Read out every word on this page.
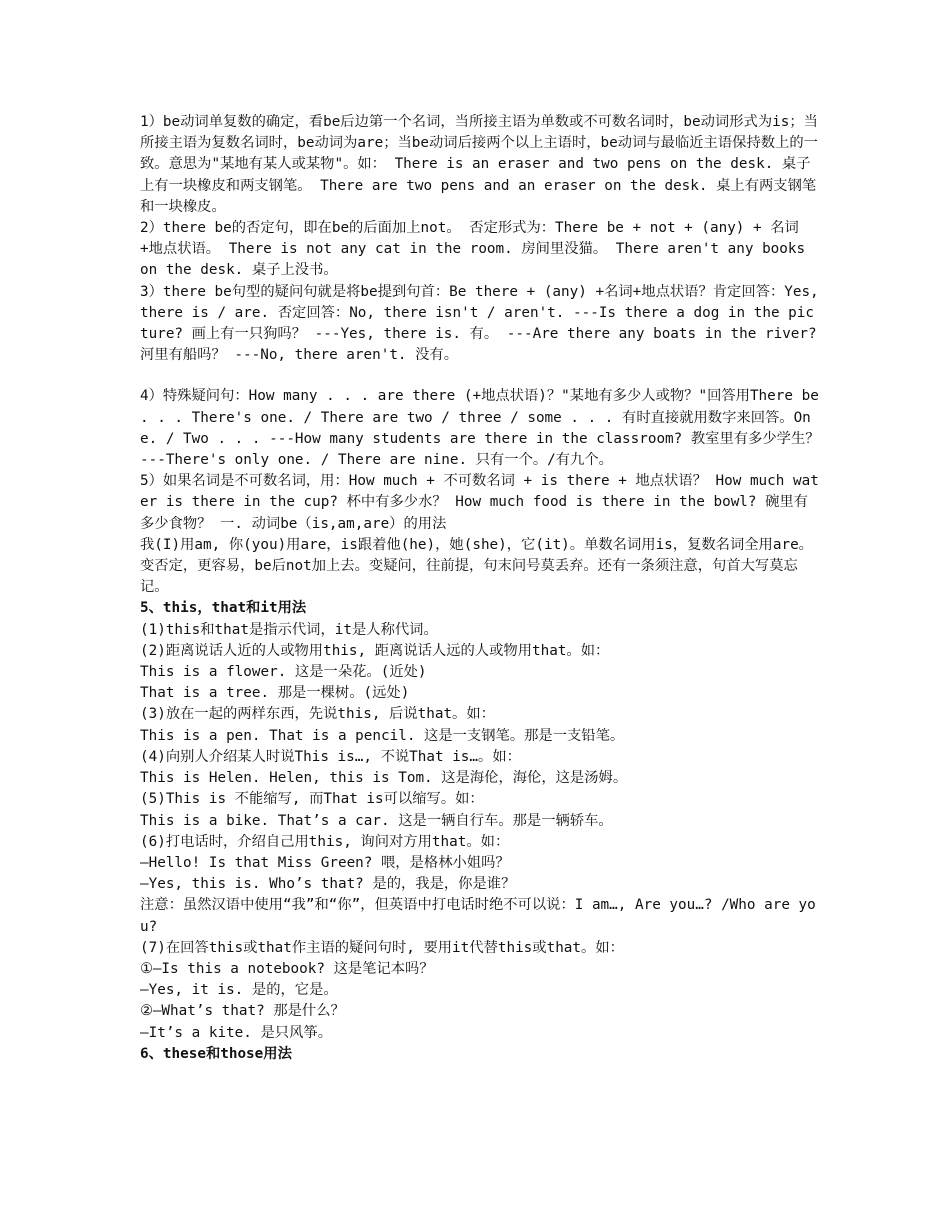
1）be动词单复数的确定，看be后边第一个名词，当所接主语为单数或不可数名词时，be动词形式为is；当所接主语为复数名词时，be动词为are；当be动词后接两个以上主语时，be动词与最临近主语保持数上的一致。意思为"某地有某人或某物"。如： There is an eraser and two pens on the desk. 桌子上有一块橡皮和两支钢笔。 There are two pens and an eraser on the desk. 桌上有两支钢笔和一块橡皮。

2）there be的否定句，即在be的后面加上not。 否定形式为：There be + not + (any) + 名词+地点状语。 There is not any cat in the room. 房间里没猫。 There aren't any books on the desk. 桌子上没书。

3）there be句型的疑问句就是将be提到句首：Be there + (any) +名词+地点状语？肯定回答：Yes, there is / are. 否定回答：No, there isn't / aren't. ---Is there a dog in the picture? 画上有一只狗吗？ ---Yes, there is. 有。 ---Are there any boats in the river? 河里有船吗？ ---No, there aren't. 没有。

4）特殊疑问句：How many . . . are there (+地点状语)？"某地有多少人或物？"回答用There be . . . There's one. / There are two / three / some . . . 有时直接就用数字来回答。One. / Two . . . ---How many students are there in the classroom? 教室里有多少学生？ ---There's only one. / There are nine. 只有一个。/有九个。

5）如果名词是不可数名词，用：How much + 不可数名词 + is there + 地点状语？ How much water is there in the cup? 杯中有多少水？ How much food is there in the bowl? 碗里有多少食物？ 一. 动词be（is,am,are）的用法

我(I)用am, 你(you)用are，is跟着他(he)，她(she)，它(it)。单数名词用is，复数名词全用are。变否定，更容易，be后not加上去。变疑问，往前提，句末问号莫丢弃。还有一条须注意，句首大写莫忘记。

5、this，that和it用法

(1)this和that是指示代词，it是人称代词。

(2)距离说话人近的人或物用this, 距离说话人远的人或物用that。如：

This is a flower. 这是一朵花。(近处)

That is a tree. 那是一棵树。(远处)

(3)放在一起的两样东西，先说this, 后说that。如：

This is a pen. That is a pencil. 这是一支钢笔。那是一支铅笔。

(4)向别人介绍某人时说This is…, 不说That is…。如：

This is Helen. Helen, this is Tom. 这是海伦，海伦，这是汤姆。

(5)This is 不能缩写, 而That is可以缩写。如：

This is a bike. That’s a car. 这是一辆自行车。那是一辆轿车。

(6)打电话时，介绍自己用this, 询问对方用that。如：

—Hello! Is that Miss Green? 喂，是格林小姐吗？

—Yes, this is. Who’s that? 是的，我是，你是谁？

注意：虽然汉语中使用“我”和“你”，但英语中打电话时绝不可以说：I am…, Are you…? /Who are you?

(7)在回答this或that作主语的疑问句时, 要用it代替this或that。如：

①—Is this a notebook? 这是笔记本吗？

—Yes, it is. 是的，它是。

②—What’s that? 那是什么？

—It’s a kite. 是只风筝。

6、these和those用法
